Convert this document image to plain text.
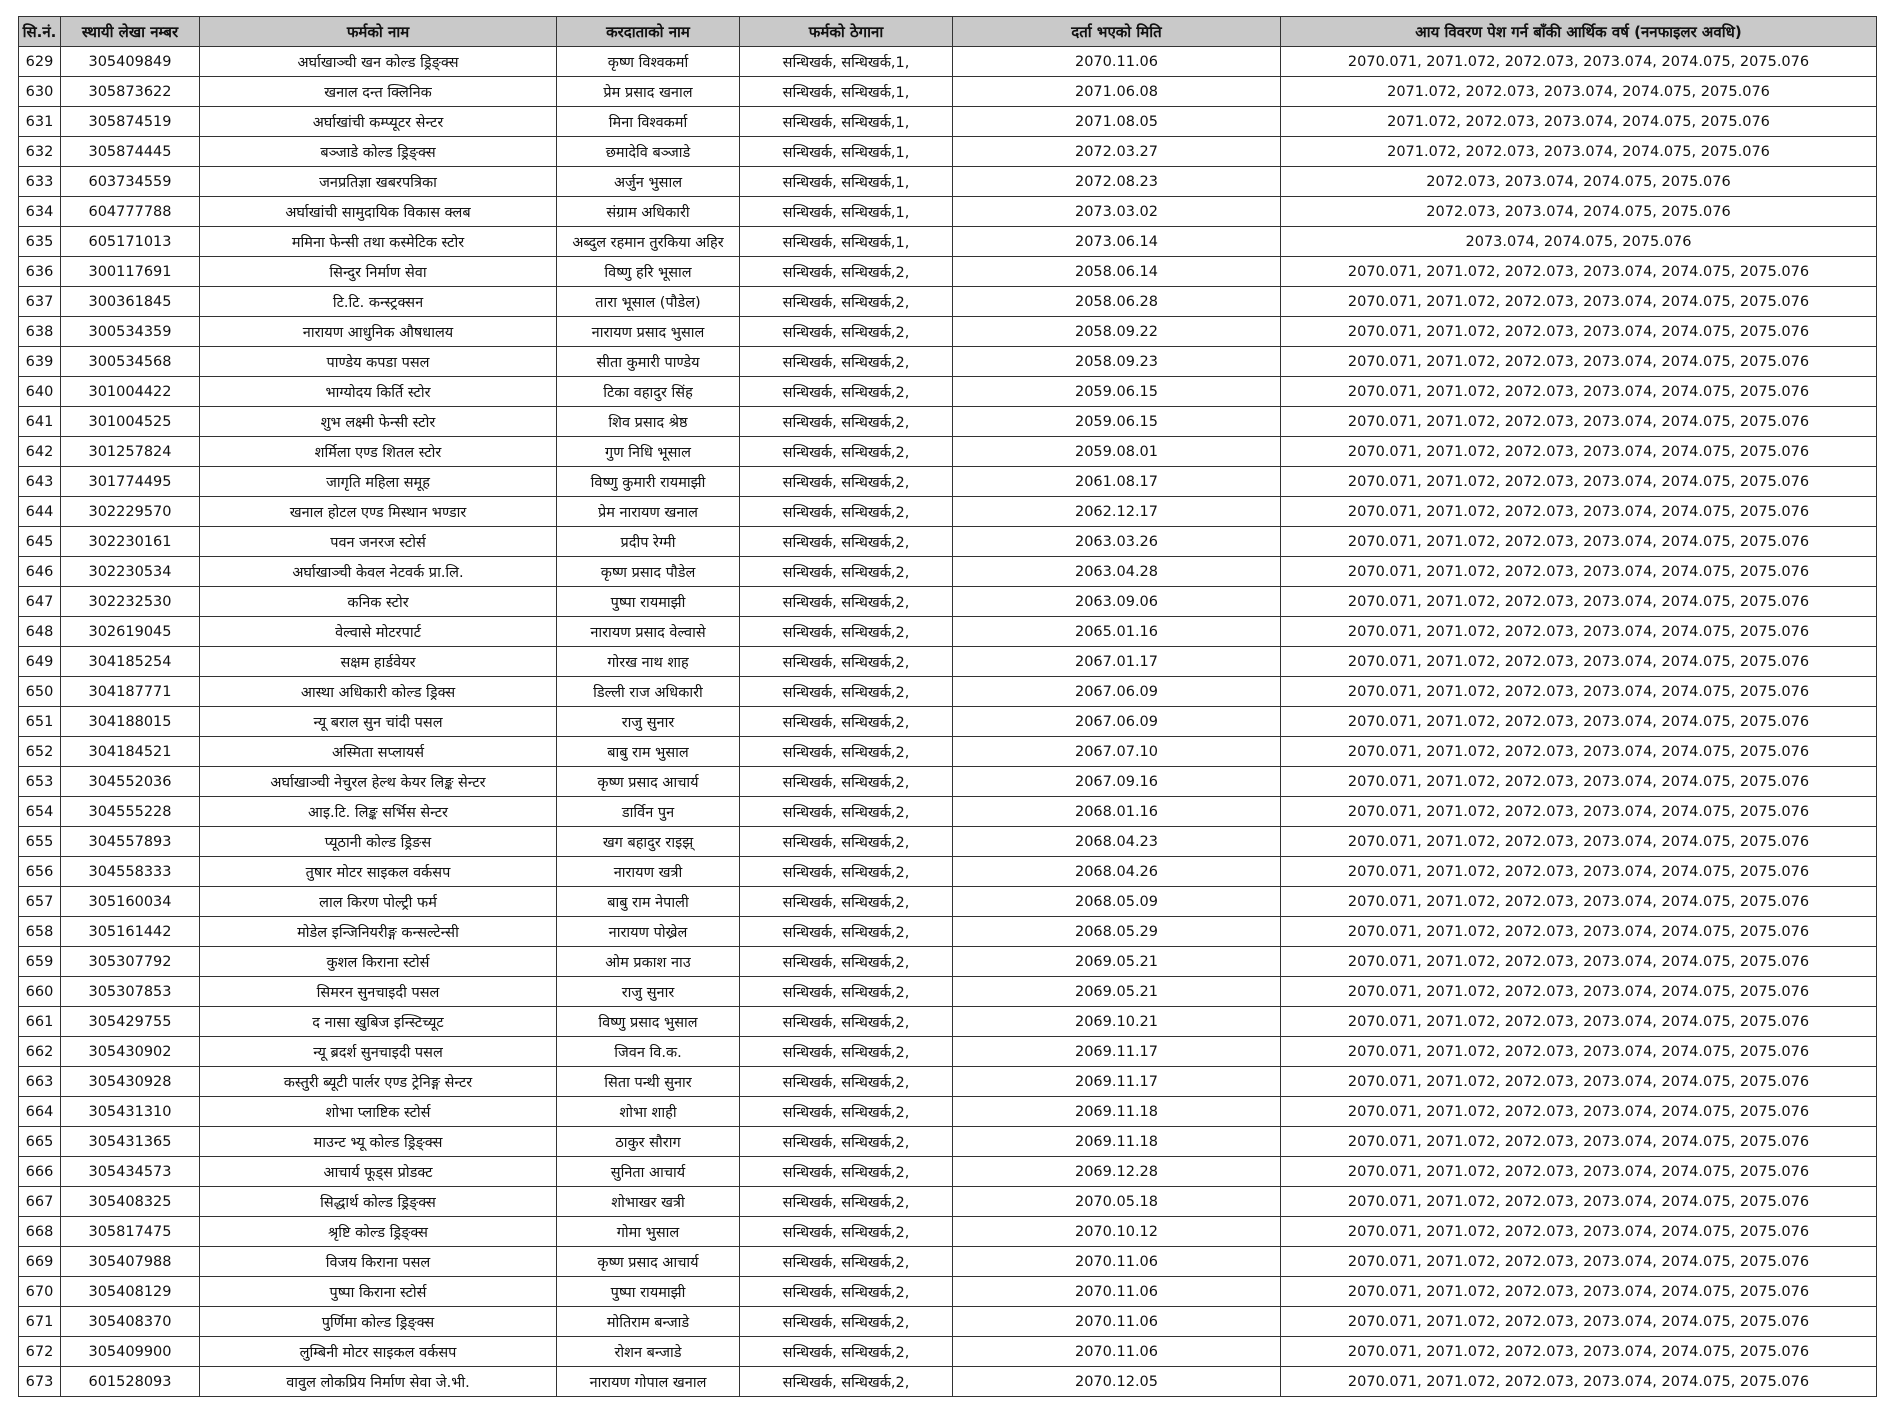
सि.नं.	स्थायी लेखा नम्बर	फर्मको नाम	करदाताको नाम	फर्मको ठेगाना	दर्ता भएको मिति	आय विवरण पेश गर्न बाँकी आर्थिक वर्ष (ननफाइलर अवधि)
629	305409849	अर्घाखाञ्ची खन कोल्ड ड्रिङ्क्स	कृष्ण विश्वकर्मा	सन्धिखर्क, सन्धिखर्क,1,	2070.11.06	2070.071, 2071.072, 2072.073, 2073.074, 2074.075, 2075.076
630	305873622	खनाल दन्त क्लिनिक	प्रेम प्रसाद खनाल	सन्धिखर्क, सन्धिखर्क,1,	2071.06.08	2071.072, 2072.073, 2073.074, 2074.075, 2075.076
631	305874519	अर्घाखांची कम्प्यूटर सेन्टर	मिना विश्वकर्मा	सन्धिखर्क, सन्धिखर्क,1,	2071.08.05	2071.072, 2072.073, 2073.074, 2074.075, 2075.076
632	305874445	बञ्जाडे कोल्ड ड्रिङ्क्स	छमादेवि बञ्जाडे	सन्धिखर्क, सन्धिखर्क,1,	2072.03.27	2071.072, 2072.073, 2073.074, 2074.075, 2075.076
633	603734559	जनप्रतिज्ञा खबरपत्रिका	अर्जुन भुसाल	सन्धिखर्क, सन्धिखर्क,1,	2072.08.23	2072.073, 2073.074, 2074.075, 2075.076
634	604777788	अर्घाखांची सामुदायिक विकास क्लब	संग्राम अधिकारी	सन्धिखर्क, सन्धिखर्क,1,	2073.03.02	2072.073, 2073.074, 2074.075, 2075.076
635	605171013	ममिना फेन्सी तथा कस्मेटिक स्टोर	अब्दुल रहमान तुरकिया अहिर	सन्धिखर्क, सन्धिखर्क,1,	2073.06.14	2073.074, 2074.075, 2075.076
636	300117691	सिन्दुर निर्माण सेवा	विष्णु हरि भूसाल	सन्धिखर्क, सन्धिखर्क,2,	2058.06.14	2070.071, 2071.072, 2072.073, 2073.074, 2074.075, 2075.076
637	300361845	टि.टि. कन्स्ट्रक्सन	तारा भूसाल (पौडेल)	सन्धिखर्क, सन्धिखर्क,2,	2058.06.28	2070.071, 2071.072, 2072.073, 2073.074, 2074.075, 2075.076
638	300534359	नारायण आधुनिक औषधालय	नारायण प्रसाद भुसाल	सन्धिखर्क, सन्धिखर्क,2,	2058.09.22	2070.071, 2071.072, 2072.073, 2073.074, 2074.075, 2075.076
639	300534568	पाण्डेय कपडा पसल	सीता कुमारी पाण्डेय	सन्धिखर्क, सन्धिखर्क,2,	2058.09.23	2070.071, 2071.072, 2072.073, 2073.074, 2074.075, 2075.076
640	301004422	भाग्योदय किर्ति स्टोर	टिका वहादुर सिंह	सन्धिखर्क, सन्धिखर्क,2,	2059.06.15	2070.071, 2071.072, 2072.073, 2073.074, 2074.075, 2075.076
641	301004525	शुभ लक्ष्मी फेन्सी स्टोर	शिव प्रसाद श्रेष्ठ	सन्धिखर्क, सन्धिखर्क,2,	2059.06.15	2070.071, 2071.072, 2072.073, 2073.074, 2074.075, 2075.076
642	301257824	शर्मिला एण्ड शितल स्टोर	गुण निधि भूसाल	सन्धिखर्क, सन्धिखर्क,2,	2059.08.01	2070.071, 2071.072, 2072.073, 2073.074, 2074.075, 2075.076
643	301774495	जागृति महिला समूह	विष्णु कुमारी रायमाझी	सन्धिखर्क, सन्धिखर्क,2,	2061.08.17	2070.071, 2071.072, 2072.073, 2073.074, 2074.075, 2075.076
644	302229570	खनाल होटल एण्ड मिस्थान भण्डार	प्रेम नारायण खनाल	सन्धिखर्क, सन्धिखर्क,2,	2062.12.17	2070.071, 2071.072, 2072.073, 2073.074, 2074.075, 2075.076
645	302230161	पवन जनरज स्टोर्स	प्रदीप रेग्मी	सन्धिखर्क, सन्धिखर्क,2,	2063.03.26	2070.071, 2071.072, 2072.073, 2073.074, 2074.075, 2075.076
646	302230534	अर्घाखाञ्ची केवल नेटवर्क प्रा.लि.	कृष्ण प्रसाद पौडेल	सन्धिखर्क, सन्धिखर्क,2,	2063.04.28	2070.071, 2071.072, 2072.073, 2073.074, 2074.075, 2075.076
647	302232530	कनिक स्टोर	पुष्पा रायमाझी	सन्धिखर्क, सन्धिखर्क,2,	2063.09.06	2070.071, 2071.072, 2072.073, 2073.074, 2074.075, 2075.076
648	302619045	वेल्वासे मोटरपार्ट	नारायण प्रसाद वेल्वासे	सन्धिखर्क, सन्धिखर्क,2,	2065.01.16	2070.071, 2071.072, 2072.073, 2073.074, 2074.075, 2075.076
649	304185254	सक्षम हार्डवेयर	गोरख नाथ शाह	सन्धिखर्क, सन्धिखर्क,2,	2067.01.17	2070.071, 2071.072, 2072.073, 2073.074, 2074.075, 2075.076
650	304187771	आस्था अधिकारी कोल्ड ड्रिक्स	डिल्ली राज अधिकारी	सन्धिखर्क, सन्धिखर्क,2,	2067.06.09	2070.071, 2071.072, 2072.073, 2073.074, 2074.075, 2075.076
651	304188015	न्यू बराल सुन चांदी पसल	राजु सुनार	सन्धिखर्क, सन्धिखर्क,2,	2067.06.09	2070.071, 2071.072, 2072.073, 2073.074, 2074.075, 2075.076
652	304184521	अस्मिता सप्लायर्स	बाबु राम भुसाल	सन्धिखर्क, सन्धिखर्क,2,	2067.07.10	2070.071, 2071.072, 2072.073, 2073.074, 2074.075, 2075.076
653	304552036	अर्घाखाञ्ची नेचुरल हेल्थ केयर लिङ्क सेन्टर	कृष्ण प्रसाद आचार्य	सन्धिखर्क, सन्धिखर्क,2,	2067.09.16	2070.071, 2071.072, 2072.073, 2073.074, 2074.075, 2075.076
654	304555228	आइ.टि. लिङ्क सर्भिस सेन्टर	डार्विन पुन	सन्धिखर्क, सन्धिखर्क,2,	2068.01.16	2070.071, 2071.072, 2072.073, 2073.074, 2074.075, 2075.076
655	304557893	प्यूठानी कोल्ड ड्रिङस	खग बहादुर राइझ्	सन्धिखर्क, सन्धिखर्क,2,	2068.04.23	2070.071, 2071.072, 2072.073, 2073.074, 2074.075, 2075.076
656	304558333	तुषार मोटर साइकल वर्कसप	नारायण खत्री	सन्धिखर्क, सन्धिखर्क,2,	2068.04.26	2070.071, 2071.072, 2072.073, 2073.074, 2074.075, 2075.076
657	305160034	लाल किरण पोल्ट्री फर्म	बाबु राम नेपाली	सन्धिखर्क, सन्धिखर्क,2,	2068.05.09	2070.071, 2071.072, 2072.073, 2073.074, 2074.075, 2075.076
658	305161442	मोडेल इन्जिनियरीङ्ग कन्सल्टेन्सी	नारायण पोख्रेल	सन्धिखर्क, सन्धिखर्क,2,	2068.05.29	2070.071, 2071.072, 2072.073, 2073.074, 2074.075, 2075.076
659	305307792	कुशल किराना स्टोर्स	ओम प्रकाश नाउ	सन्धिखर्क, सन्धिखर्क,2,	2069.05.21	2070.071, 2071.072, 2072.073, 2073.074, 2074.075, 2075.076
660	305307853	सिमरन सुनचाइदी पसल	राजु सुनार	सन्धिखर्क, सन्धिखर्क,2,	2069.05.21	2070.071, 2071.072, 2072.073, 2073.074, 2074.075, 2075.076
661	305429755	द नासा खुबिज इन्स्टिच्यूट	विष्णु प्रसाद भुसाल	सन्धिखर्क, सन्धिखर्क,2,	2069.10.21	2070.071, 2071.072, 2072.073, 2073.074, 2074.075, 2075.076
662	305430902	न्यू ब्रदर्श सुनचाइदी पसल	जिवन वि.क.	सन्धिखर्क, सन्धिखर्क,2,	2069.11.17	2070.071, 2071.072, 2072.073, 2073.074, 2074.075, 2075.076
663	305430928	कस्तुरी ब्यूटी पार्लर एण्ड ट्रेनिङ्ग सेन्टर	सिता पन्थी सुनार	सन्धिखर्क, सन्धिखर्क,2,	2069.11.17	2070.071, 2071.072, 2072.073, 2073.074, 2074.075, 2075.076
664	305431310	शोभा प्लाष्टिक स्टोर्स	शोभा शाही	सन्धिखर्क, सन्धिखर्क,2,	2069.11.18	2070.071, 2071.072, 2072.073, 2073.074, 2074.075, 2075.076
665	305431365	माउन्ट भ्यू कोल्ड ड्रिङ्क्स	ठाकुर सौराग	सन्धिखर्क, सन्धिखर्क,2,	2069.11.18	2070.071, 2071.072, 2072.073, 2073.074, 2074.075, 2075.076
666	305434573	आचार्य फूड्स प्रोडक्ट	सुनिता आचार्य	सन्धिखर्क, सन्धिखर्क,2,	2069.12.28	2070.071, 2071.072, 2072.073, 2073.074, 2074.075, 2075.076
667	305408325	सिद्धार्थ कोल्ड ड्रिङ्क्स	शोभाखर खत्री	सन्धिखर्क, सन्धिखर्क,2,	2070.05.18	2070.071, 2071.072, 2072.073, 2073.074, 2074.075, 2075.076
668	305817475	श्रृष्टि कोल्ड ड्रिङ्क्स	गोमा भुसाल	सन्धिखर्क, सन्धिखर्क,2,	2070.10.12	2070.071, 2071.072, 2072.073, 2073.074, 2074.075, 2075.076
669	305407988	विजय किराना पसल	कृष्ण प्रसाद आचार्य	सन्धिखर्क, सन्धिखर्क,2,	2070.11.06	2070.071, 2071.072, 2072.073, 2073.074, 2074.075, 2075.076
670	305408129	पुष्पा किराना स्टोर्स	पुष्पा रायमाझी	सन्धिखर्क, सन्धिखर्क,2,	2070.11.06	2070.071, 2071.072, 2072.073, 2073.074, 2074.075, 2075.076
671	305408370	पुर्णिमा कोल्ड ड्रिङ्क्स	मोतिराम बन्जाडे	सन्धिखर्क, सन्धिखर्क,2,	2070.11.06	2070.071, 2071.072, 2072.073, 2073.074, 2074.075, 2075.076
672	305409900	लुम्बिनी मोटर साइकल वर्कसप	रोशन बन्जाडे	सन्धिखर्क, सन्धिखर्क,2,	2070.11.06	2070.071, 2071.072, 2072.073, 2073.074, 2074.075, 2075.076
673	601528093	वावुल लोकप्रिय निर्माण सेवा जे.भी.	नारायण गोपाल खनाल	सन्धिखर्क, सन्धिखर्क,2,	2070.12.05	2070.071, 2071.072, 2072.073, 2073.074, 2074.075, 2075.076
